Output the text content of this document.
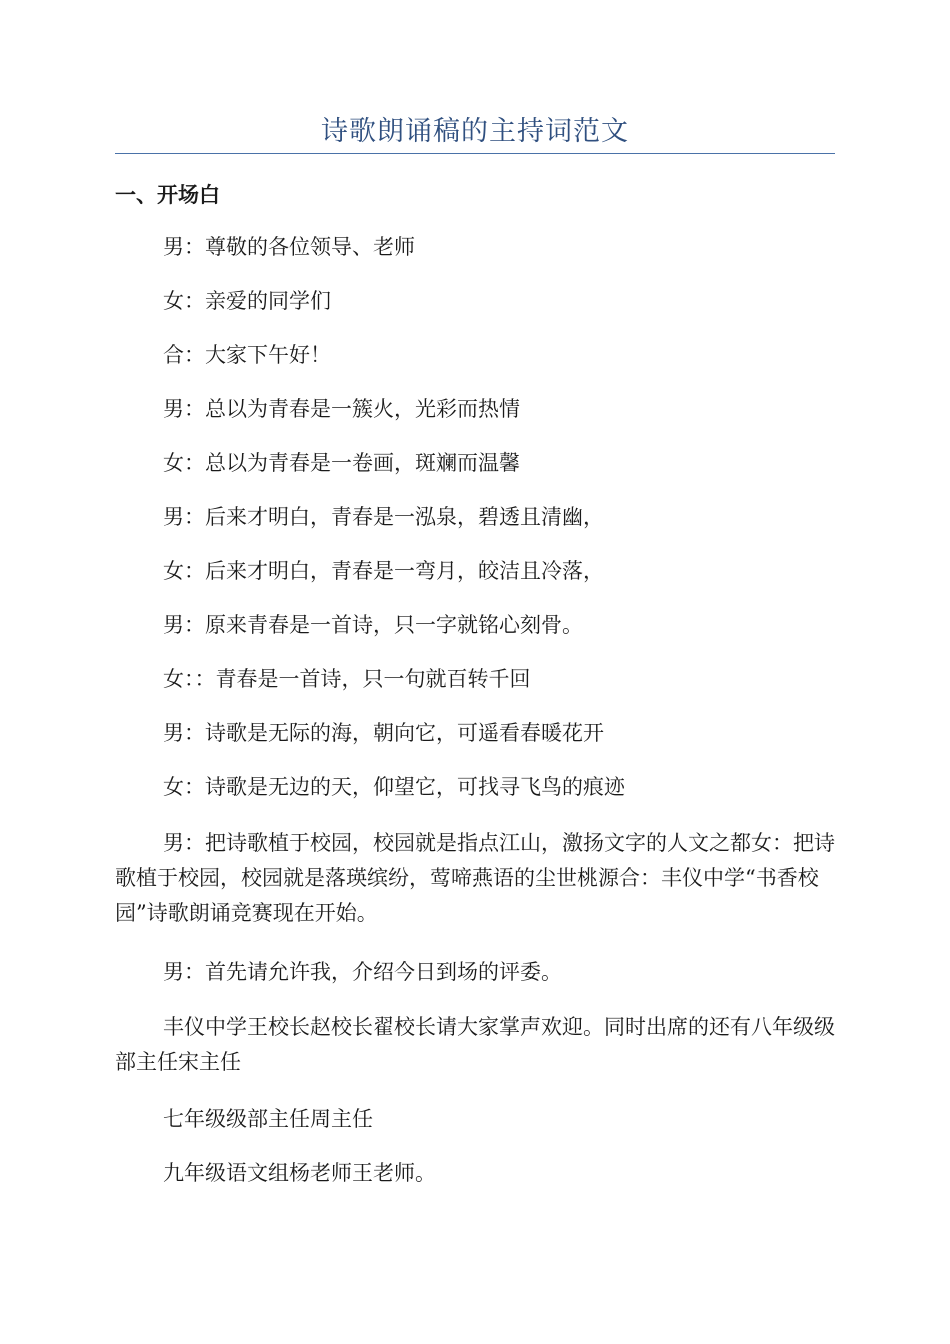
诗歌朗诵稿的主持词范文
一、开场白

男：尊敬的各位领导、老师

女：亲爱的同学们

合：大家下午好！

男：总以为青春是一簇火，光彩而热情

女：总以为青春是一卷画，斑斓而温馨

男：后来才明白，青春是一泓泉，碧透且清幽，

女：后来才明白，青春是一弯月，皎洁且冷落，

男：原来青春是一首诗，只一字就铭心刻骨。

女：：青春是一首诗，只一句就百转千回

男：诗歌是无际的海，朝向它，可遥看春暖花开

女：诗歌是无边的天，仰望它，可找寻飞鸟的痕迹

男：把诗歌植于校园，校园就是指点江山，激扬文字的人文之都女：把诗歌植于校园，校园就是落瑛缤纷，莺啼燕语的尘世桃源合：丰仪中学“书香校园”诗歌朗诵竞赛现在开始。

男：首先请允许我，介绍今日到场的评委。

丰仪中学王校长赵校长翟校长请大家掌声欢迎。同时出席的还有八年级级部主任宋主任

七年级级部主任周主任

九年级语文组杨老师王老师。
